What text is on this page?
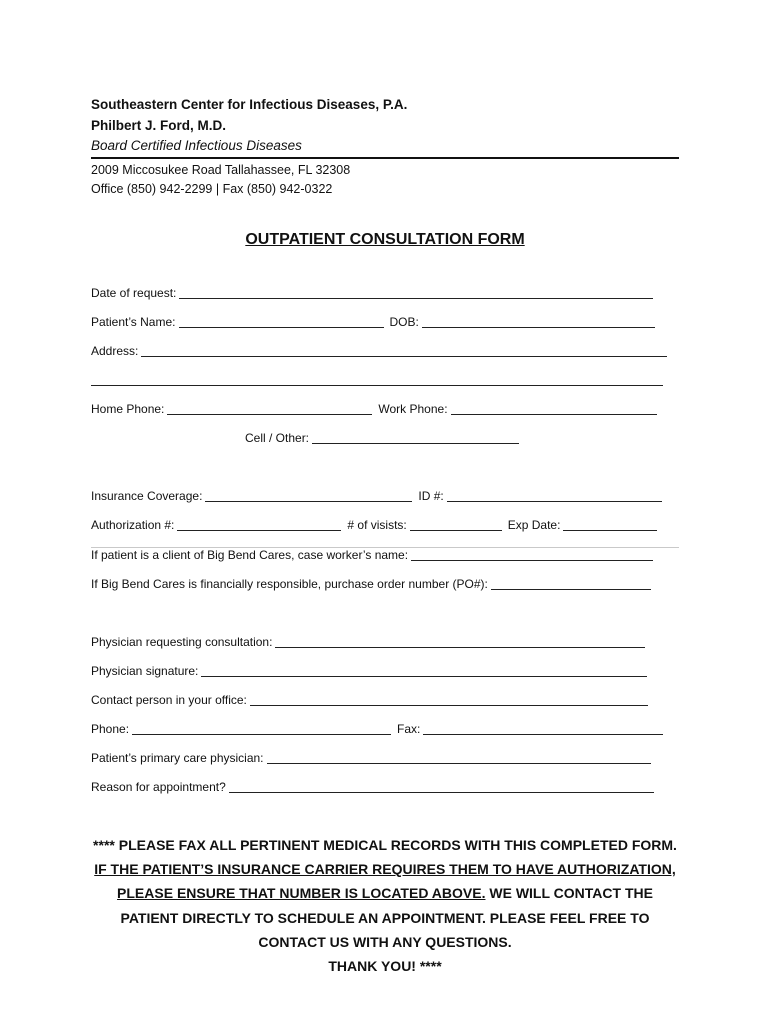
Southeastern Center for Infectious Diseases, P.A.
Philbert J. Ford, M.D.
Board Certified Infectious Diseases
2009 Miccosukee Road Tallahassee, FL 32308
Office (850) 942-2299 | Fax (850) 942-0322
OUTPATIENT CONSULTATION FORM
Date of request:
Patient’s Name:	DOB:
Address:
Home Phone:	Work Phone:
Cell / Other:
Insurance Coverage:	ID #:
Authorization #:	# of visists:	Exp Date:
If patient is a client of Big Bend Cares, case worker’s name:
If Big Bend Cares is financially responsible, purchase order number (PO#):
Physician requesting consultation:
Physician signature:
Contact person in your office:
Phone:	Fax:
Patient’s primary care physician:
Reason for appointment?
**** PLEASE FAX ALL PERTINENT MEDICAL RECORDS WITH THIS COMPLETED FORM. IF THE PATIENT’S INSURANCE CARRIER REQUIRES THEM TO HAVE AUTHORIZATION, PLEASE ENSURE THAT NUMBER IS LOCATED ABOVE. WE WILL CONTACT THE PATIENT DIRECTLY TO SCHEDULE AN APPOINTMENT. PLEASE FEEL FREE TO CONTACT US WITH ANY QUESTIONS.
THANK YOU! ****
